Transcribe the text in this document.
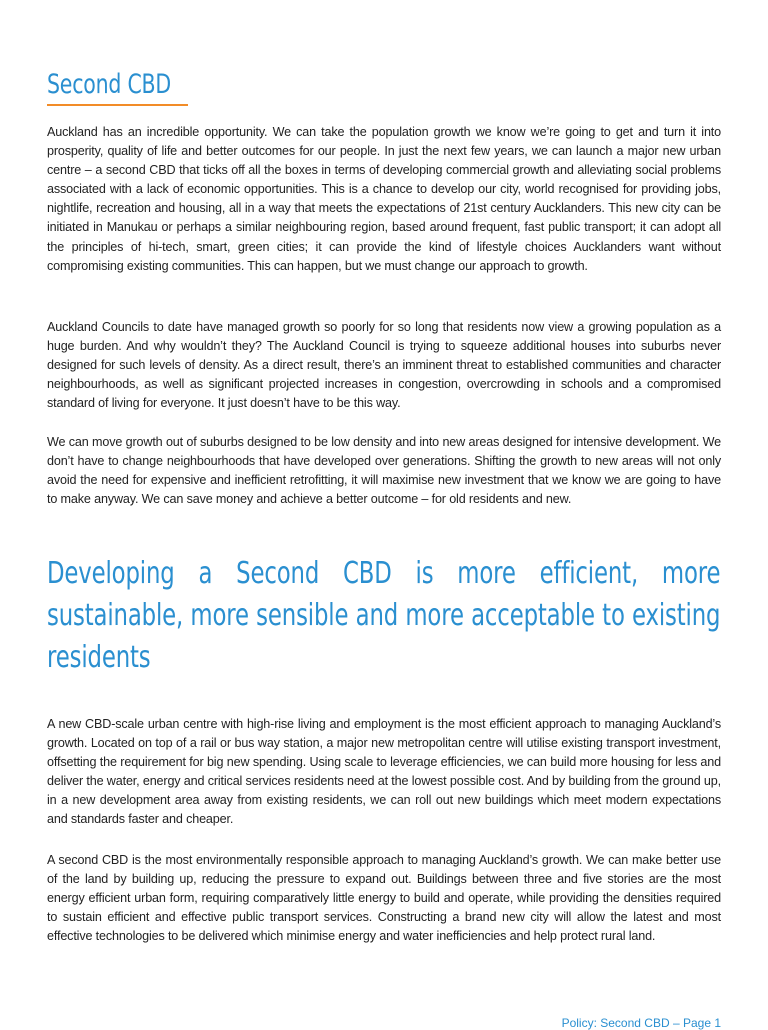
Second CBD

Auckland has an incredible opportunity. We can take the population growth we know we’re going to get and turn it into prosperity, quality of life and better outcomes for our people. In just the next few years, we can launch a major new urban centre – a second CBD that ticks off all the boxes in terms of developing commercial growth and alleviating social problems associated with a lack of economic opportunities. This is a chance to develop our city, world recognised for providing jobs, nightlife, recreation and housing, all in a way that meets the expectations of 21st century Aucklanders. This new city can be initiated in Manukau or perhaps a similar neighbouring region, based around frequent, fast public transport; it can adopt all the principles of hi-tech, smart, green cities; it can provide the kind of lifestyle choices Aucklanders want without compromising existing communities. This can happen, but we must change our approach to growth.

Auckland Councils to date have managed growth so poorly for so long that residents now view a growing population as a huge burden. And why wouldn’t they? The Auckland Council is trying to squeeze additional houses into suburbs never designed for such levels of density. As a direct result, there’s an imminent threat to established communities and character neighbourhoods, as well as significant projected increases in congestion, overcrowding in schools and a compromised standard of living for everyone. It just doesn’t have to be this way.

We can move growth out of suburbs designed to be low density and into new areas designed for intensive development. We don’t have to change neighbourhoods that have developed over generations. Shifting the growth to new areas will not only avoid the need for expensive and inefficient retrofitting, it will maximise new investment that we know we are going to have to make anyway. We can save money and achieve a better outcome – for old residents and new.

Developing a Second CBD is more efficient, more sustainable, more sensible and more acceptable to existing residents

A new CBD-scale urban centre with high-rise living and employment is the most efficient approach to managing Auckland’s growth. Located on top of a rail or bus way station, a major new metropolitan centre will utilise existing transport investment, offsetting the requirement for big new spending. Using scale to leverage efficiencies, we can build more housing for less and deliver the water, energy and critical services residents need at the lowest possible cost. And by building from the ground up, in a new development area away from existing residents, we can roll out new buildings which meet modern expectations and standards faster and cheaper.

A second CBD is the most environmentally responsible approach to managing Auckland’s growth. We can make better use of the land by building up, reducing the pressure to expand out. Buildings between three and five stories are the most energy efficient urban form, requiring comparatively little energy to build and operate, while providing the densities required to sustain efficient and effective public transport services. Constructing a brand new city will allow the latest and most effective technologies to be delivered which minimise energy and water inefficiencies and help protect rural land.

Policy: Second CBD – Page 1
